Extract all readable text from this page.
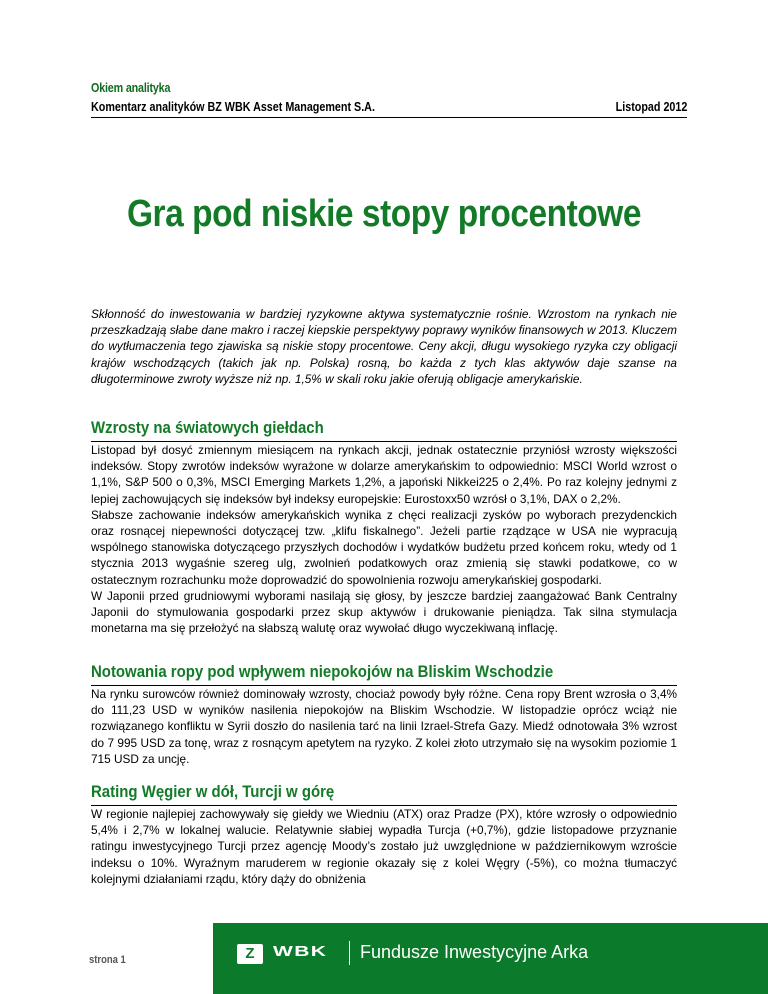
Okiem analityka
Komentarz analityków BZ WBK Asset Management S.A.	Listopad 2012
Gra pod niskie stopy procentowe
Skłonność do inwestowania w bardziej ryzykowne aktywa systematycznie rośnie. Wzrostom na rynkach nie przeszkadzają słabe dane makro i raczej kiepskie perspektywy poprawy wyników finansowych w 2013. Kluczem do wytłumaczenia tego zjawiska są niskie stopy procentowe. Ceny akcji, długu wysokiego ryzyka czy obligacji krajów wschodzących (takich jak np. Polska) rosną, bo każda z tych klas aktywów daje szanse na długoterminowe zwroty wyższe niż np. 1,5% w skali roku jakie oferują obligacje amerykańskie.
Wzrosty na światowych giełdach

Listopad był dosyć zmiennym miesiącem na rynkach akcji, jednak ostatecznie przyniósł wzrosty większości indeksów. Stopy zwrotów indeksów wyrażone w dolarze amerykańskim to odpowiednio: MSCI World wzrost o 1,1%, S&P 500 o 0,3%, MSCI Emerging Markets 1,2%, a japoński Nikkei225 o 2,4%. Po raz kolejny jednymi z lepiej zachowujących się indeksów był indeksy europejskie: Eurostoxx50 wzrósł o 3,1%, DAX o 2,2%.

Słabsze zachowanie indeksów amerykańskich wynika z chęci realizacji zysków po wyborach prezydenckich oraz rosnącej niepewności dotyczącej tzw. „klifu fiskalnego”. Jeżeli partie rządzące w USA nie wypracują wspólnego stanowiska dotyczącego przyszłych dochodów i wydatków budżetu przed końcem roku, wtedy od 1 stycznia 2013 wygaśnie szereg ulg, zwolnień podatkowych oraz zmienią się stawki podatkowe, co w ostatecznym rozrachunku może doprowadzić do spowolnienia rozwoju amerykańskiej gospodarki.

W Japonii przed grudniowymi wyborami nasilają się głosy, by jeszcze bardziej zaangażować Bank Centralny Japonii do stymulowania gospodarki przez skup aktywów i drukowanie pieniądza. Tak silna stymulacja monetarna ma się przełożyć na słabszą walutę oraz wywołać długo wyczekiwaną inflację.

Notowania ropy pod wpływem niepokojów na Bliskim Wschodzie

Na rynku surowców również dominowały wzrosty, chociaż powody były różne. Cena ropy Brent wzrosła o 3,4% do 111,23 USD w wyników nasilenia niepokojów na Bliskim Wschodzie. W listopadzie oprócz wciąż nie rozwiązanego konfliktu w Syrii doszło do nasilenia tarć na linii Izrael-Strefa Gazy. Miedź odnotowała 3% wzrost do 7 995 USD za tonę, wraz z rosnącym apetytem na ryzyko. Z kolei złoto utrzymało się na wysokim poziomie 1 715 USD za uncję.

Rating Węgier w dół, Turcji w górę

W regionie najlepiej zachowywały się giełdy we Wiedniu (ATX) oraz Pradze (PX), które wzrosły o odpowiednio 5,4% i 2,7% w lokalnej walucie. Relatywnie słabiej wypadła Turcja (+0,7%), gdzie listopadowe przyznanie ratingu inwestycyjnego Turcji przez agencję Moody’s zostało już uwzględnione w październikowym wzroście indeksu o 10%. Wyraźnym maruderem w regionie okazały się z kolei Węgry (-5%), co można tłumaczyć kolejnymi działaniami rządu, który dąży do obniżenia

strona 1	Z	WBK Fundusze Inwestycyjne Arka
